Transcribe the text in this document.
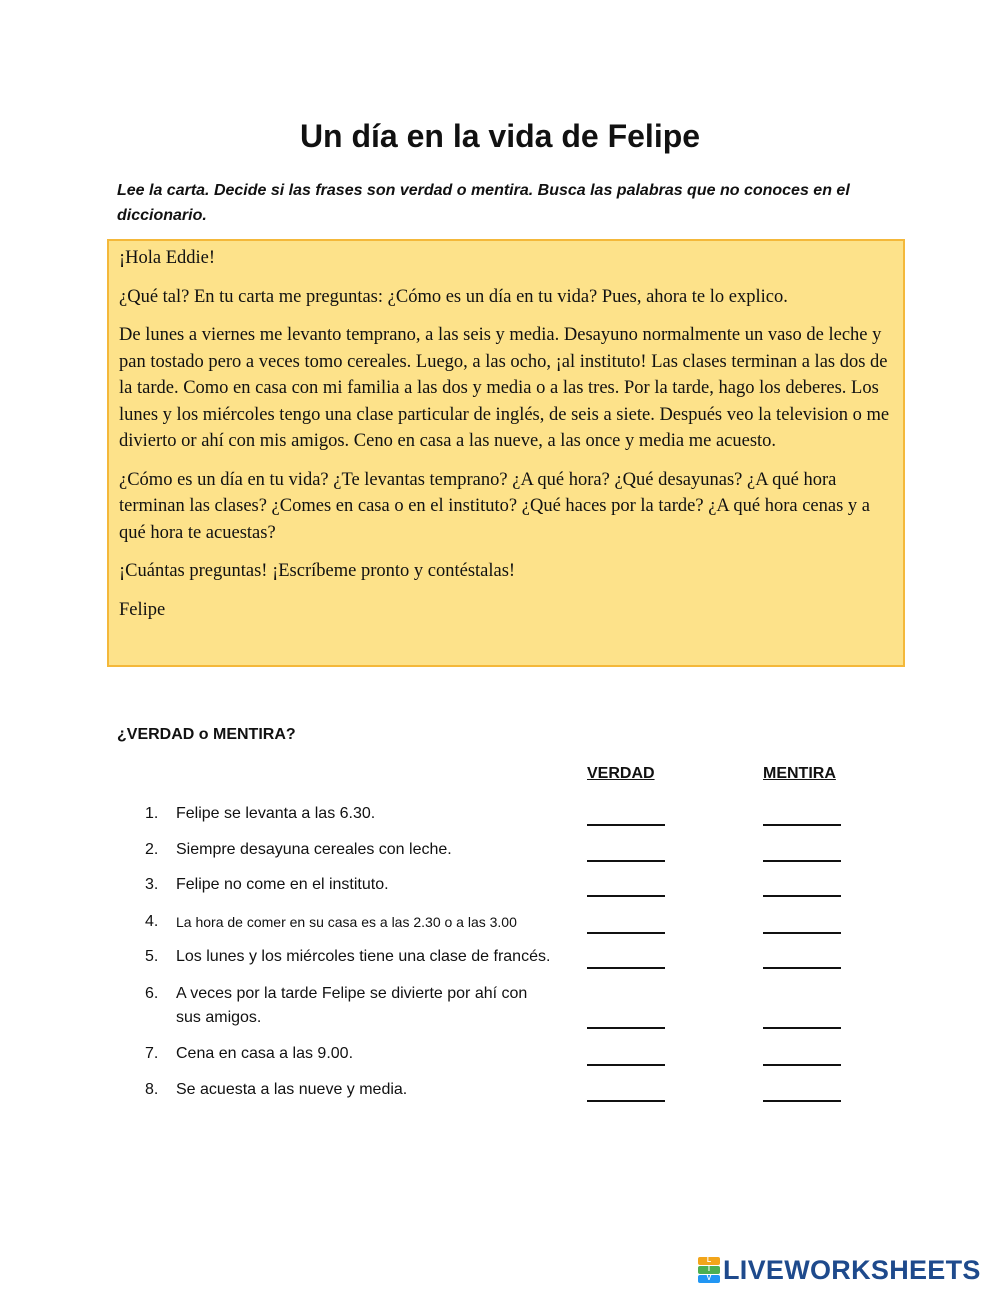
Un día en la vida de Felipe

Lee la carta. Decide si las frases son verdad o mentira. Busca las palabras que no conoces en el diccionario.

¡Hola Eddie!

¿Qué tal? En tu carta me preguntas: ¿Cómo es un día en tu vida? Pues, ahora te lo explico.

De lunes a viernes me levanto temprano, a las seis y media. Desayuno normalmente un vaso de leche y pan tostado pero a veces tomo cereales. Luego, a las ocho, ¡al instituto! Las clases terminan a las dos de la tarde. Como en casa con mi familia a las dos y media o a las tres. Por la tarde, hago los deberes. Los lunes y los miércoles tengo una clase particular de inglés, de seis a siete. Después veo la television o me divierto or ahí con mis amigos. Ceno en casa a las nueve, a las once y media me acuesto.

¿Cómo es un día en tu vida? ¿Te levantas temprano? ¿A qué hora? ¿Qué desayunas? ¿A qué hora terminan las clases? ¿Comes en casa o en el instituto? ¿Qué haces por la tarde? ¿A qué hora cenas y a qué hora te acuestas?

¡Cuántas preguntas! ¡Escríbeme pronto y contéstalas!

Felipe

¿VERDAD o MENTIRA?
VERDAD	MENTIRA
1. Felipe se levanta a las 6.30.
2. Siempre desayuna cereales con leche.
3. Felipe no come en el instituto.
4. La hora de comer en su casa es a las 2.30 o a las 3.00
5. Los lunes y los miércoles tiene una clase de francés.
6. A veces por la tarde Felipe se divierte por ahí con sus amigos.
7. Cena en casa a las 9.00.
8. Se acuesta a las nueve y media.
L
I
V LIVEWORKSHEETS
